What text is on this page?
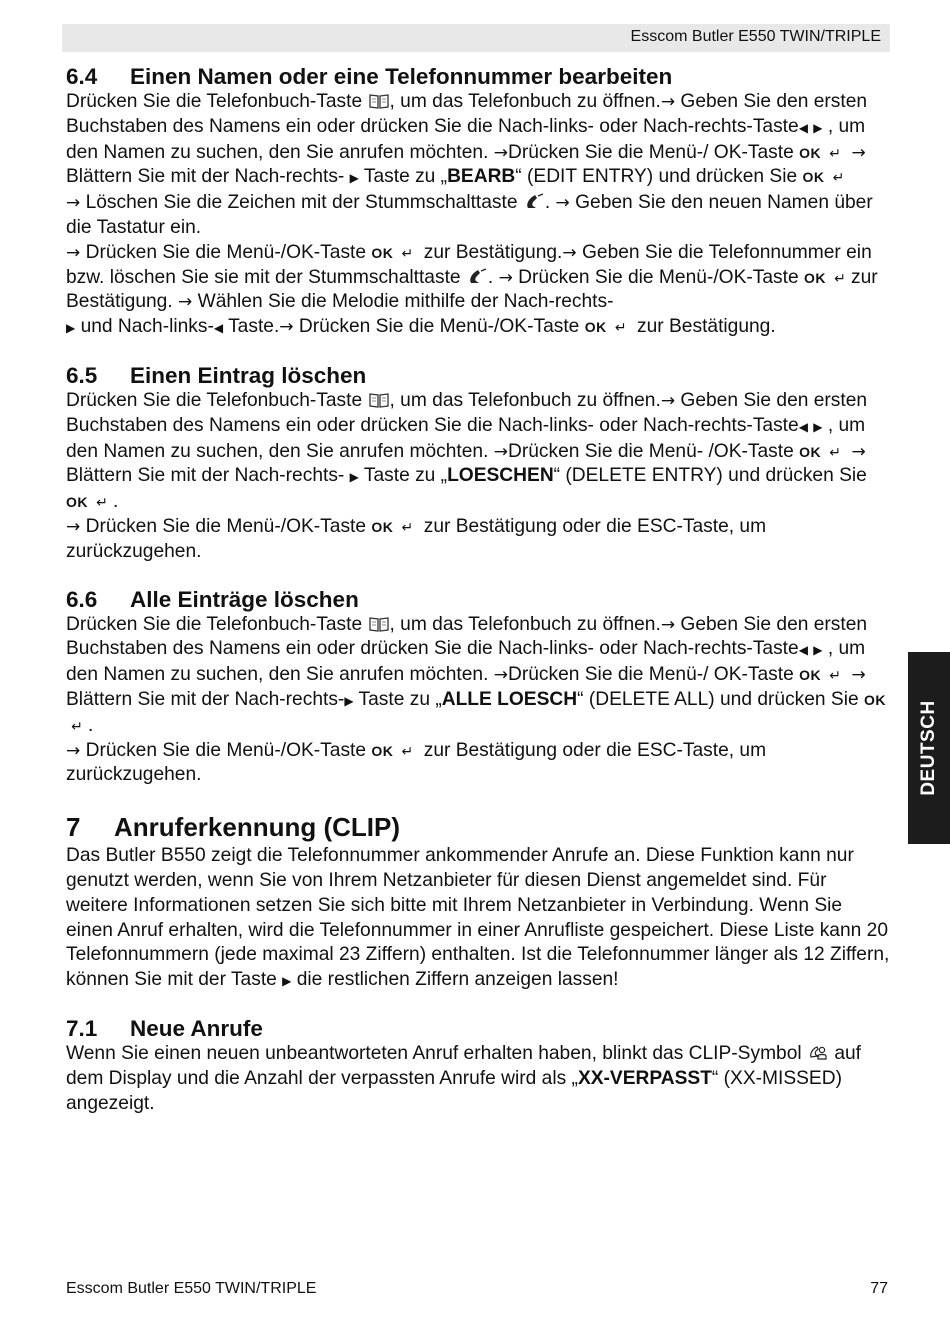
Esscom Butler E550 TWIN/TRIPLE
6.4 Einen Namen oder eine Telefonnummer bearbeiten

Drücken Sie die Telefonbuch-Taste , um das Telefonbuch zu öffnen.→ Geben Sie den ersten Buchstaben des Namens ein oder drücken Sie die Nach-links- oder Nach-rechts-Taste◀ ▶ , um den Namen zu suchen, den Sie anrufen möchten. →Drücken Sie die Menü-/ OK-Taste OK ↵ → Blättern Sie mit der Nach-rechts- ▶ Taste zu „BEARB“ (EDIT ENTRY) und drücken Sie OK ↵
→ Löschen Sie die Zeichen mit der Stummschalttaste . → Geben Sie den neuen Namen über die Tastatur ein.
→ Drücken Sie die Menü-/OK-Taste OK ↵ zur Bestätigung.→ Geben Sie die Telefonnummer ein bzw. löschen Sie sie mit der Stummschalttaste . → Drücken Sie die Menü-/OK-Taste OK ↵ zur Bestätigung. → Wählen Sie die Melodie mithilfe der Nach-rechts-
▶ und Nach-links-◀ Taste.→ Drücken Sie die Menü-/OK-Taste OK ↵ zur Bestätigung.

6.5 Einen Eintrag löschen

Drücken Sie die Telefonbuch-Taste , um das Telefonbuch zu öffnen.→ Geben Sie den ersten Buchstaben des Namens ein oder drücken Sie die Nach-links- oder Nach-rechts-Taste◀ ▶ , um den Namen zu suchen, den Sie anrufen möchten. →Drücken Sie die Menü- /OK-Taste OK ↵ → Blättern Sie mit der Nach-rechts- ▶ Taste zu „LOESCHEN“ (DELETE ENTRY) und drücken Sie OK ↵ .
→ Drücken Sie die Menü-/OK-Taste OK ↵ zur Bestätigung oder die ESC-Taste, um zurückzugehen.

6.6 Alle Einträge löschen

Drücken Sie die Telefonbuch-Taste , um das Telefonbuch zu öffnen.→ Geben Sie den ersten Buchstaben des Namens ein oder drücken Sie die Nach-links- oder Nach-rechts-Taste◀ ▶ , um den Namen zu suchen, den Sie anrufen möchten. →Drücken Sie die Menü-/ OK-Taste OK ↵ → Blättern Sie mit der Nach-rechts-▶ Taste zu „ALLE LOESCH“ (DELETE ALL) und drücken Sie OK↵ .
→ Drücken Sie die Menü-/OK-Taste OK ↵ zur Bestätigung oder die ESC-Taste, um zurückzugehen.

7 Anruferkennung (CLIP)

Das Butler B550 zeigt die Telefonnummer ankommender Anrufe an. Diese Funktion kann nur genutzt werden, wenn Sie von Ihrem Netzanbieter für diesen Dienst angemeldet sind. Für weitere Informationen setzen Sie sich bitte mit Ihrem Netzanbieter in Verbindung. Wenn Sie einen Anruf erhalten, wird die Telefonnummer in einer Anrufliste gespeichert. Diese Liste kann 20 Telefonnummern (jede maximal 23 Ziffern) enthalten. Ist die Telefonnummer länger als 12 Ziffern, können Sie mit der Taste ▶ die restlichen Ziffern anzeigen lassen!

7.1 Neue Anrufe

Wenn Sie einen neuen unbeantworteten Anruf erhalten haben, blinkt das CLIP-Symbol  auf dem Display und die Anzahl der verpassten Anrufe wird als „XX-VERPASST“ (XX-MISSED) angezeigt.

DEUTSCH
Esscom Butler E550 TWIN/TRIPLE	77
